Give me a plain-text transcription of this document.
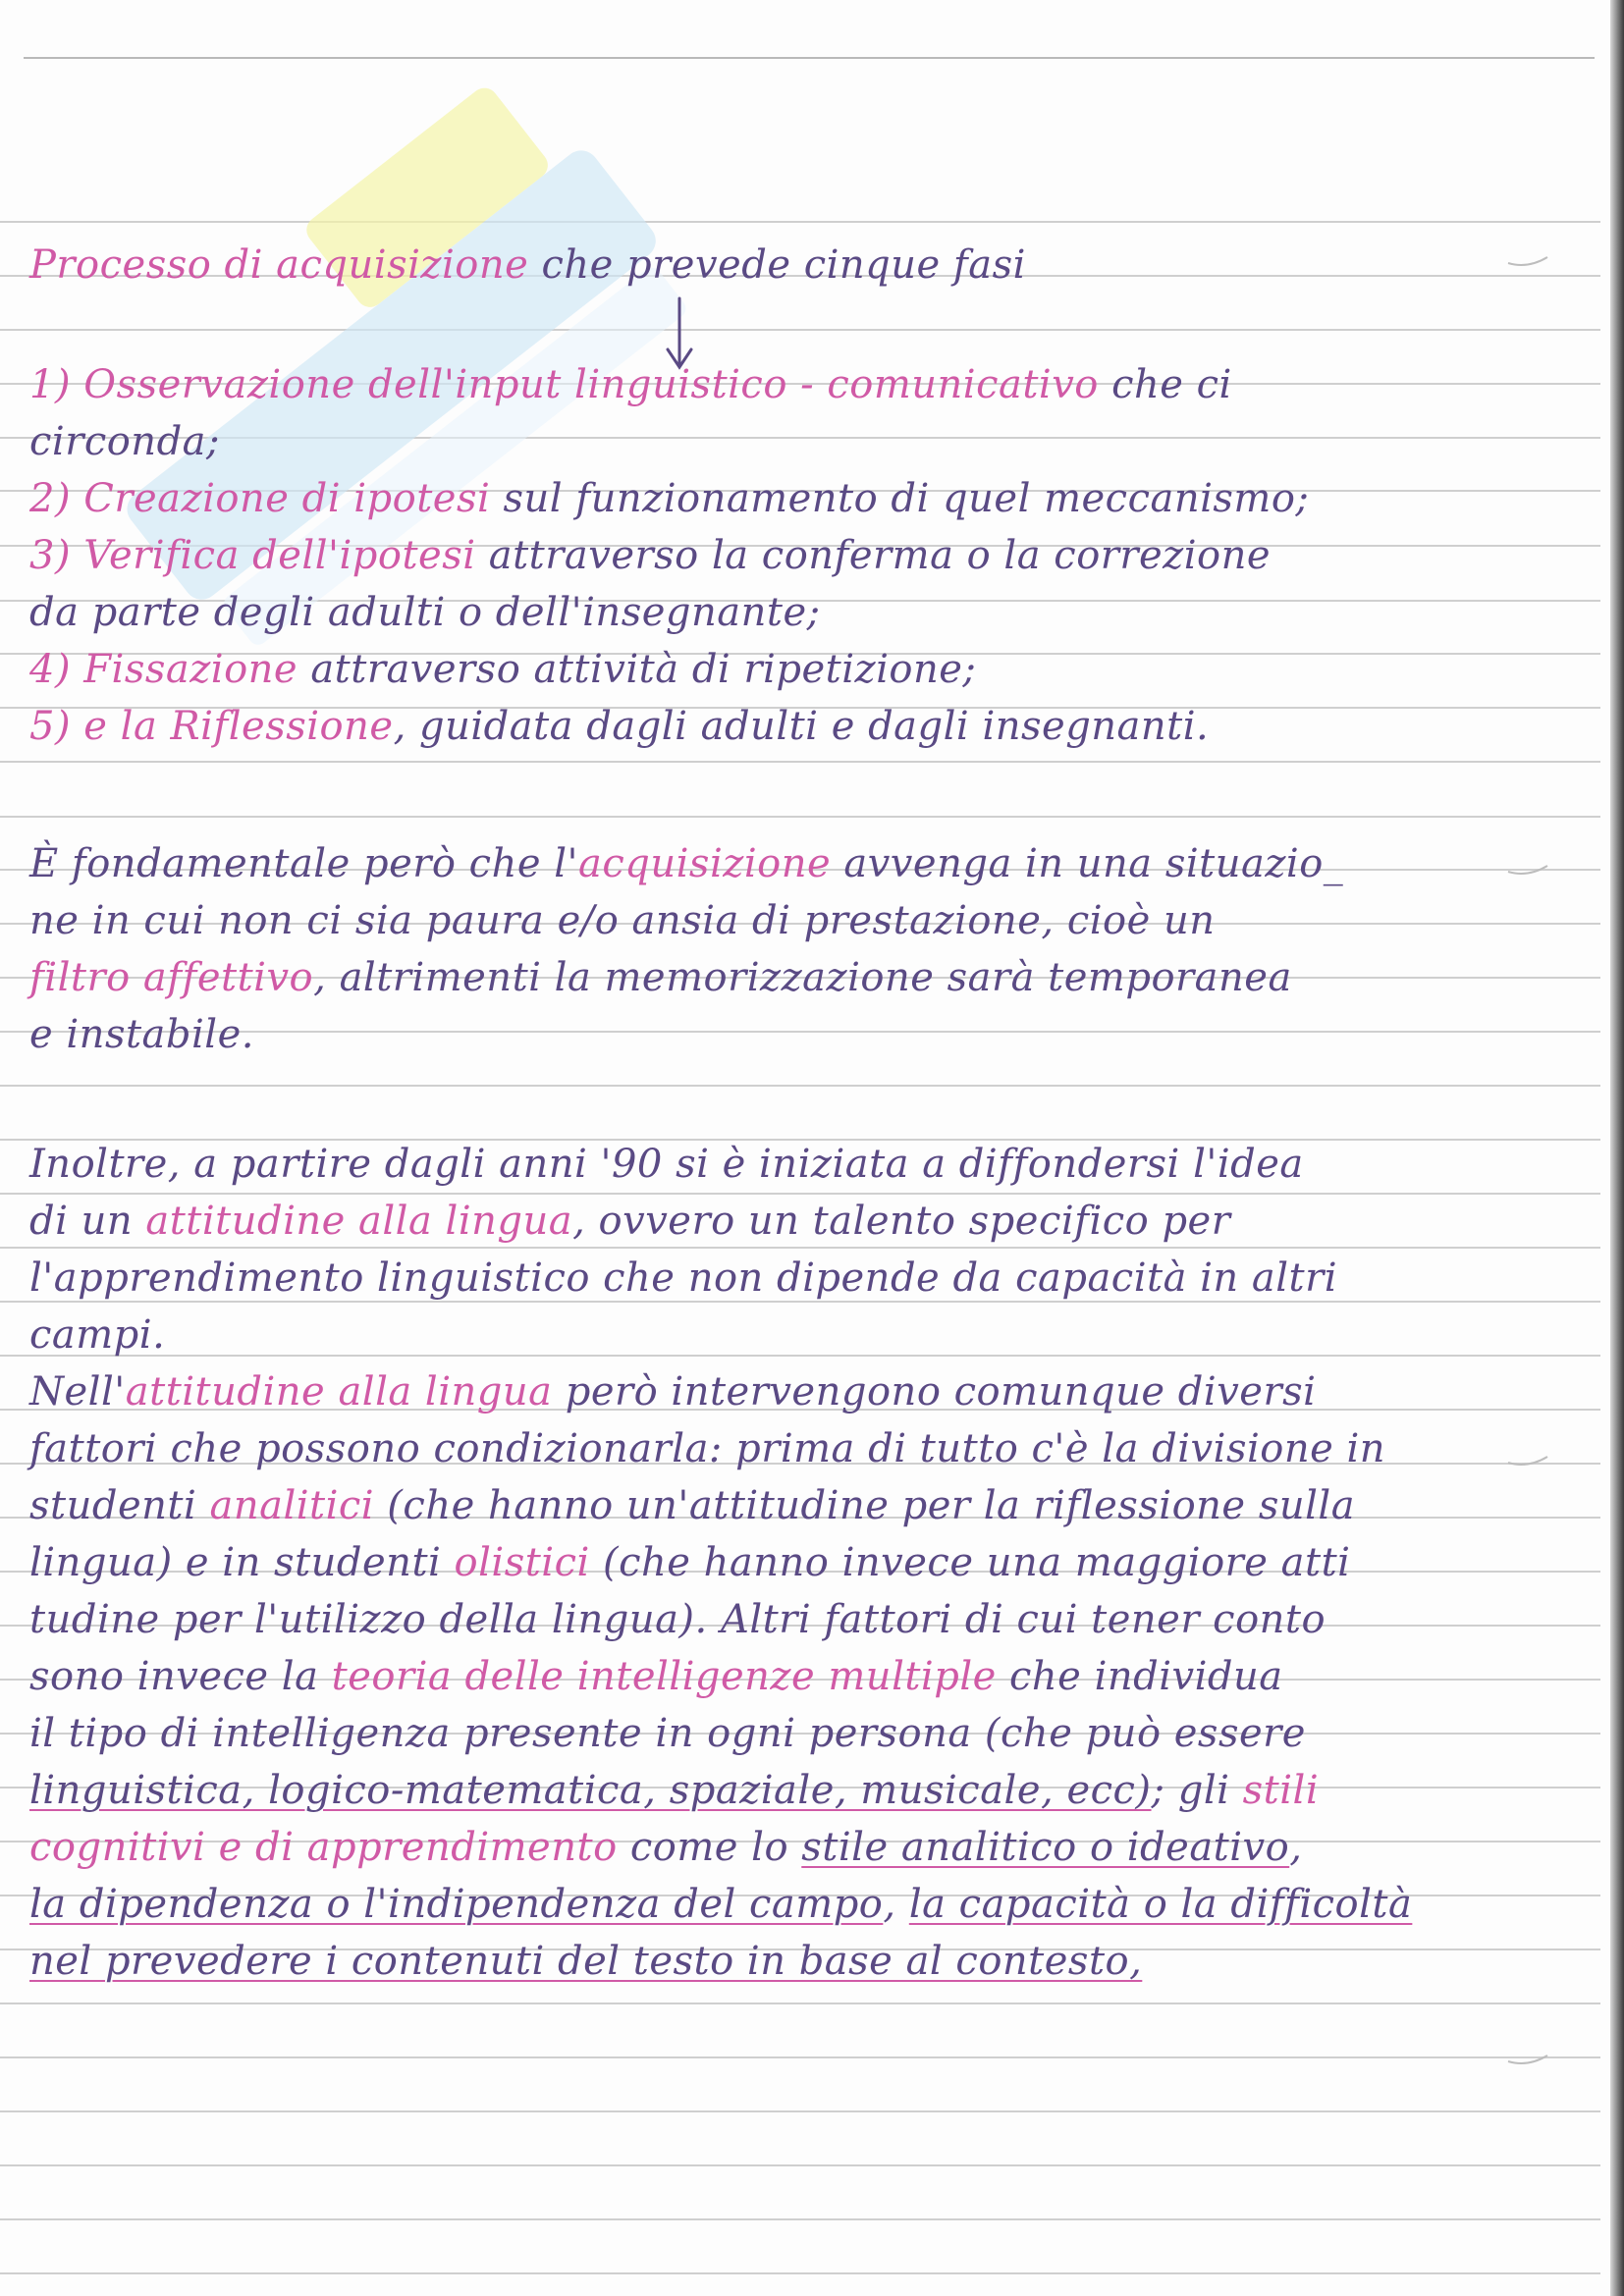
Processo di acquisizione che prevede cinque fasi
1) Osservazione dell'input linguistico - comunicativo che ci
circonda;
2) Creazione di ipotesi sul funzionamento di quel meccanismo;
3) Verifica dell'ipotesi attraverso la conferma o la correzione
da parte degli adulti o dell'insegnante;
4) Fissazione attraverso attività di ripetizione;
5) e la Riflessione, guidata dagli adulti e dagli insegnanti.
È fondamentale però che l'acquisizione avvenga in una situazio_
ne in cui non ci sia paura e/o ansia di prestazione, cioè un
filtro affettivo, altrimenti la memorizzazione sarà temporanea
e instabile.
Inoltre, a partire dagli anni '90 si è iniziata a diffondersi l'idea
di un attitudine alla lingua, ovvero un talento specifico per
l'apprendimento linguistico che non dipende da capacità in altri
campi.
Nell'attitudine alla lingua però intervengono comunque diversi
fattori che possono condizionarla: prima di tutto c'è la divisione in
studenti analitici (che hanno un'attitudine per la riflessione sulla
lingua) e in studenti olistici (che hanno invece una maggiore atti
tudine per l'utilizzo della lingua). Altri fattori di cui tener conto
sono invece la teoria delle intelligenze multiple che individua
il tipo di intelligenza presente in ogni persona (che può essere
linguistica, logico-matematica, spaziale, musicale, ecc); gli stili
cognitivi e di apprendimento come lo stile analitico o ideativo,
la dipendenza o l'indipendenza del campo, la capacità o la difficoltà
nel prevedere i contenuti del testo in base al contesto,
